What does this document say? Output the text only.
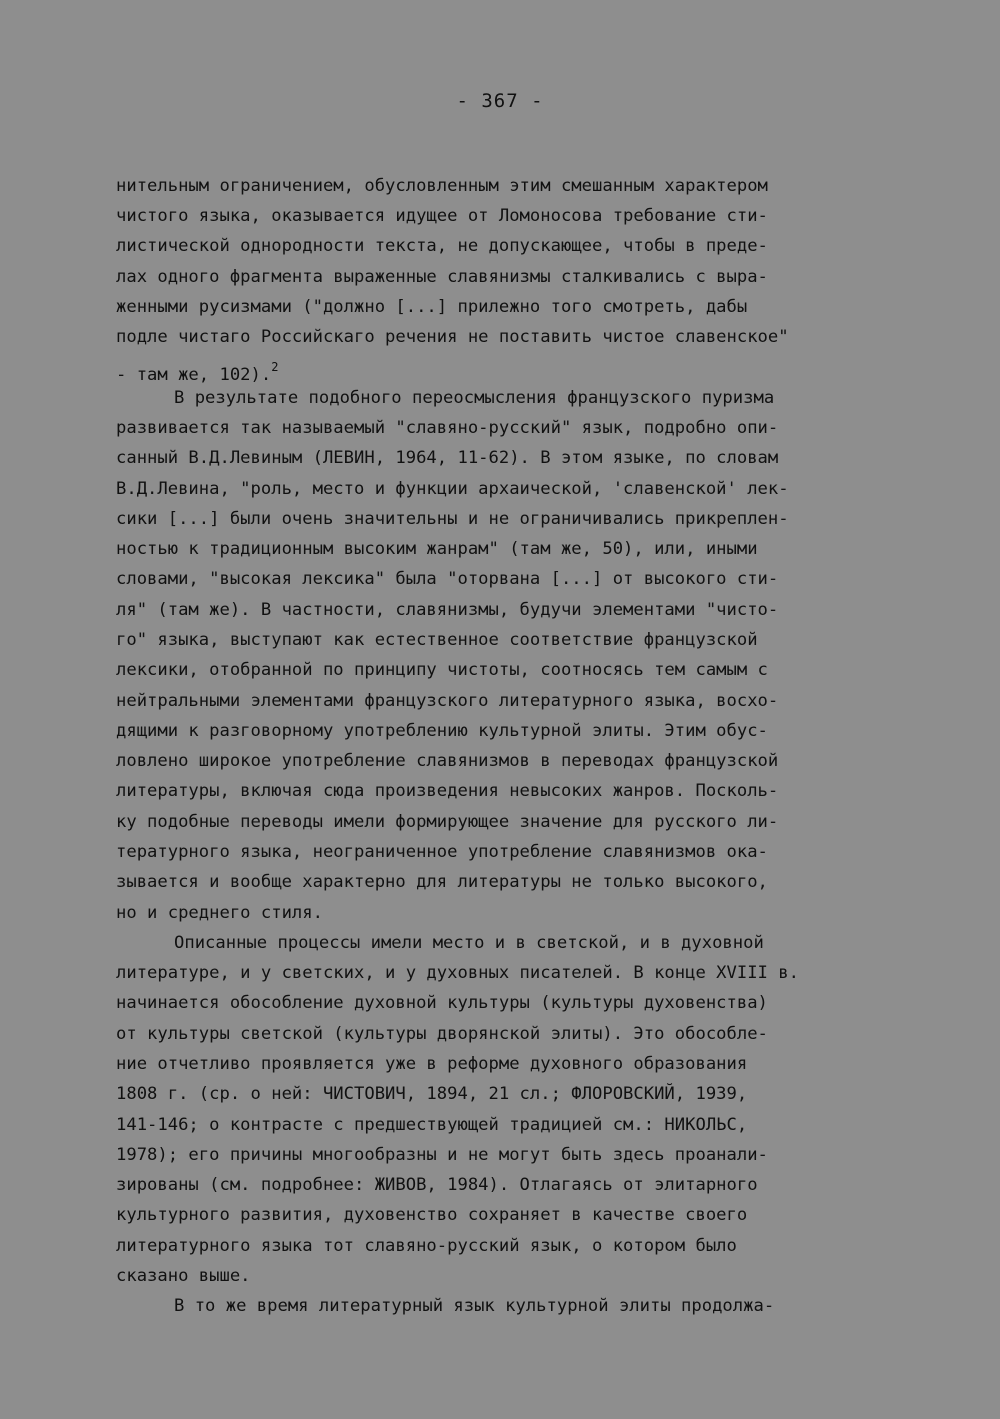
- 367 -
нительным ограничением, обусловленным этим смешанным характером
чистого языка, оказывается идущее от Ломоносова требование сти-
листической однородности текста, не допускающее, чтобы в преде-
лах одного фрагмента выраженные славянизмы сталкивались с выра-
женными русизмами ("должно [...] прилежно того смотреть, дабы
подле чистаго Российскаго речения не поставить чистое славенское"
- там же, 102).$^2$
В результате подобного переосмысления французского пуризма
развивается так называемый "славяно-русский" язык, подробно опи-
санный В.Д.Левиным (ЛЕВИН, 1964, 11-62). В этом языке, по словам
В.Д.Левина, "роль, место и функции архаической, 'славенской' лек-
сики [...] были очень значительны и не ограничивались прикреплен-
ностью к традиционным высоким жанрам" (там же, 50), или, иными
словами, "высокая лексика" была "оторвана [...] от высокого сти-
ля" (там же). В частности, славянизмы, будучи элементами "чисто-
го" языка, выступают как естественное соответствие французской
лексики, отобранной по принципу чистоты, соотносясь тем самым с
нейтральными элементами французского литературного языка, восхо-
дящими к разговорному употреблению культурной элиты. Этим обус-
ловлено широкое употребление славянизмов в переводах французской
литературы, включая сюда произведения невысоких жанров. Посколь-
ку подобные переводы имели формирующее значение для русского ли-
тературного языка, неограниченное употребление славянизмов ока-
зывается и вообще характерно для литературы не только высокого,
но и среднего стиля.
Описанные процессы имели место и в светской, и в духовной
литературе, и у светских, и у духовных писателей. В конце XVIII в.
начинается обособление духовной культуры (культуры духовенства)
от культуры светской (культуры дворянской элиты). Это обособле-
ние отчетливо проявляется уже в реформе духовного образования
1808 г. (ср. о ней: ЧИСТОВИЧ, 1894, 21 сл.; ФЛОРОВСКИЙ, 1939,
141-146; о контрасте с предшествующей традицией см.: НИКОЛЬС,
1978); его причины многообразны и не могут быть здесь проанали-
зированы (см. подробнее: ЖИВОВ, 1984). Отлагаясь от элитарного
культурного развития, духовенство сохраняет в качестве своего
литературного языка тот славяно-русский язык, о котором было
сказано выше.
В то же время литературный язык культурной элиты продолжа-
